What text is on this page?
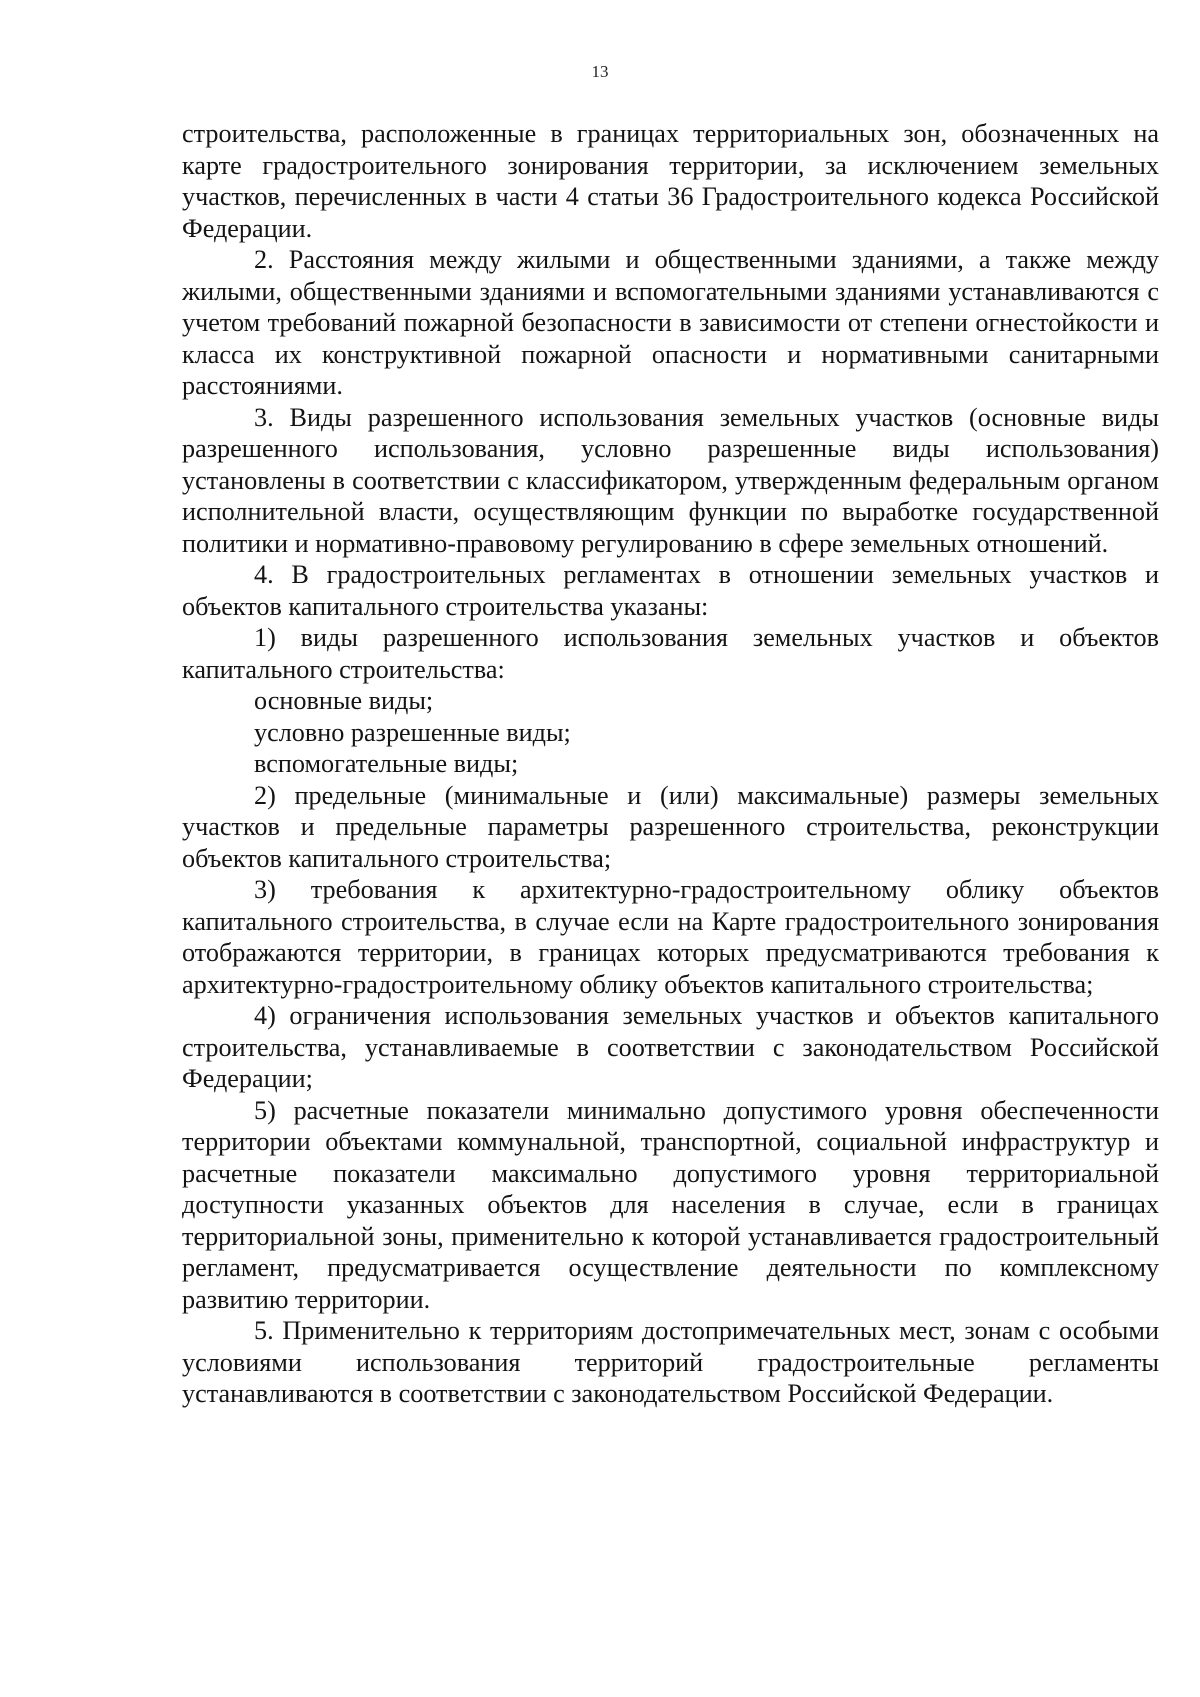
13

строительства, расположенные в границах территориальных зон, обозначенных на карте градостроительного зонирования территории, за исключением земельных участков, перечисленных в части 4 статьи 36 Градостроительного кодекса Российской Федерации.

2. Расстояния между жилыми и общественными зданиями, а также между жилыми, общественными зданиями и вспомогательными зданиями устанавливаются с учетом требований пожарной безопасности в зависимости от степени огнестойкости и класса их конструктивной пожарной опасности и нормативными санитарными расстояниями.

3. Виды разрешенного использования земельных участков (основные виды разрешенного использования, условно разрешенные виды использования) установлены в соответствии с классификатором, утвержденным федеральным органом исполнительной власти, осуществляющим функции по выработке государственной политики и нормативно-правовому регулированию в сфере земельных отношений.

4. В градостроительных регламентах в отношении земельных участков и объектов капитального строительства указаны:

1) виды разрешенного использования земельных участков и объектов капитального строительства:

основные виды;

условно разрешенные виды;

вспомогательные виды;

2) предельные (минимальные и (или) максимальные) размеры земельных участков и предельные параметры разрешенного строительства, реконструкции объектов капитального строительства;

3) требования к архитектурно-градостроительному облику объектов капитального строительства, в случае если на Карте градостроительного зонирования отображаются территории, в границах которых предусматриваются требования к архитектурно-градостроительному облику объектов капитального строительства;

4) ограничения использования земельных участков и объектов капитального строительства, устанавливаемые в соответствии с законодательством Российской Федерации;

5) расчетные показатели минимально допустимого уровня обеспеченности территории объектами коммунальной, транспортной, социальной инфраструктур и расчетные показатели максимально допустимого уровня территориальной доступности указанных объектов для населения в случае, если в границах территориальной зоны, применительно к которой устанавливается градостроительный регламент, предусматривается осуществление деятельности по комплексному развитию территории.

5. Применительно к территориям достопримечательных мест, зонам с особыми условиями использования территорий градостроительные регламенты устанавливаются в соответствии с законодательством Российской Федерации.
